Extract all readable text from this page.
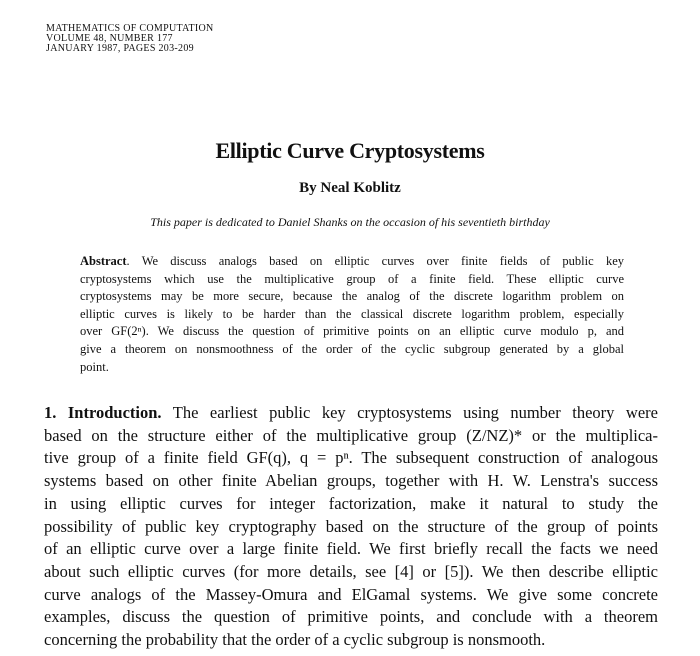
MATHEMATICS OF COMPUTATION
VOLUME 48, NUMBER 177
JANUARY 1987, PAGES 203-209
Elliptic Curve Cryptosystems
By Neal Koblitz
This paper is dedicated to Daniel Shanks on the occasion of his seventieth birthday
Abstract. We discuss analogs based on elliptic curves over finite fields of public key
cryptosystems which use the multiplicative group of a finite field. These elliptic curve
cryptosystems may be more secure, because the analog of the discrete logarithm problem on
elliptic curves is likely to be harder than the classical discrete logarithm problem, especially
over GF(2ⁿ). We discuss the question of primitive points on an elliptic curve modulo p, and
give a theorem on nonsmoothness of the order of the cyclic subgroup generated by a global
point.
1. Introduction. The earliest public key cryptosystems using number theory were
based on the structure either of the multiplicative group (Z/NZ)* or the multiplica-
tive group of a finite field GF(q), q = pⁿ. The subsequent construction of analogous
systems based on other finite Abelian groups, together with H. W. Lenstra's success
in using elliptic curves for integer factorization, make it natural to study the
possibility of public key cryptography based on the structure of the group of points
of an elliptic curve over a large finite field. We first briefly recall the facts we need
about such elliptic curves (for more details, see [4] or [5]). We then describe elliptic
curve analogs of the Massey-Omura and ElGamal systems. We give some concrete
examples, discuss the question of primitive points, and conclude with a theorem
concerning the probability that the order of a cyclic subgroup is nonsmooth.
